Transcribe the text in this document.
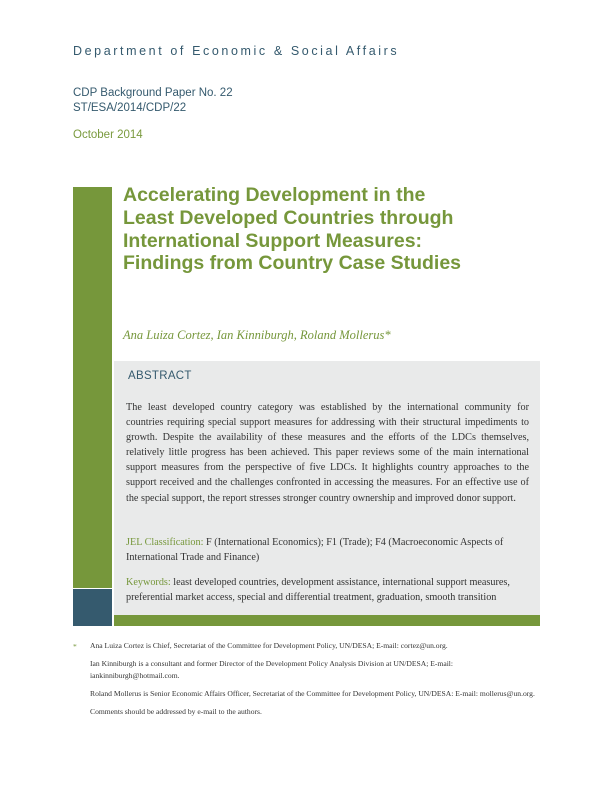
Department of Economic & Social Affairs
CDP Background Paper No. 22
ST/ESA/2014/CDP/22
October 2014
Accelerating Development in the
Least Developed Countries through
International Support Measures:
Findings from Country Case Studies
Ana Luiza Cortez, Ian Kinniburgh, Roland Mollerus*
ABSTRACT

The least developed country category was established by the international community for countries requiring special support measures for addressing with their structural impediments to growth. Despite the availability of these measures and the efforts of the LDCs themselves, relatively little progress has been achieved. This paper reviews some of the main international support measures from the perspective of five LDCs. It highlights country approaches to the support received and the challenges confronted in accessing the measures. For an effective use of the special support, the report stresses stronger country ownership and improved donor support.

JEL Classification: F (International Economics); F1 (Trade); F4 (Macroeconomic Aspects of International Trade and Finance)

Keywords: least developed countries, development assistance, international support measures, preferential market access, special and differential treatment, graduation, smooth transition

* Ana Luiza Cortez is Chief, Secretariat of the Committee for Development Policy, UN/DESA; E-mail: cortez@un.org.

Ian Kinniburgh is a consultant and former Director of the Development Policy Analysis Division at UN/DESA; E-mail: iankinniburgh@hotmail.com.

Roland Mollerus is Senior Economic Affairs Officer, Secretariat of the Committee for Development Policy, UN/DESA: E-mail: mollerus@un.org.

Comments should be addressed by e-mail to the authors.
